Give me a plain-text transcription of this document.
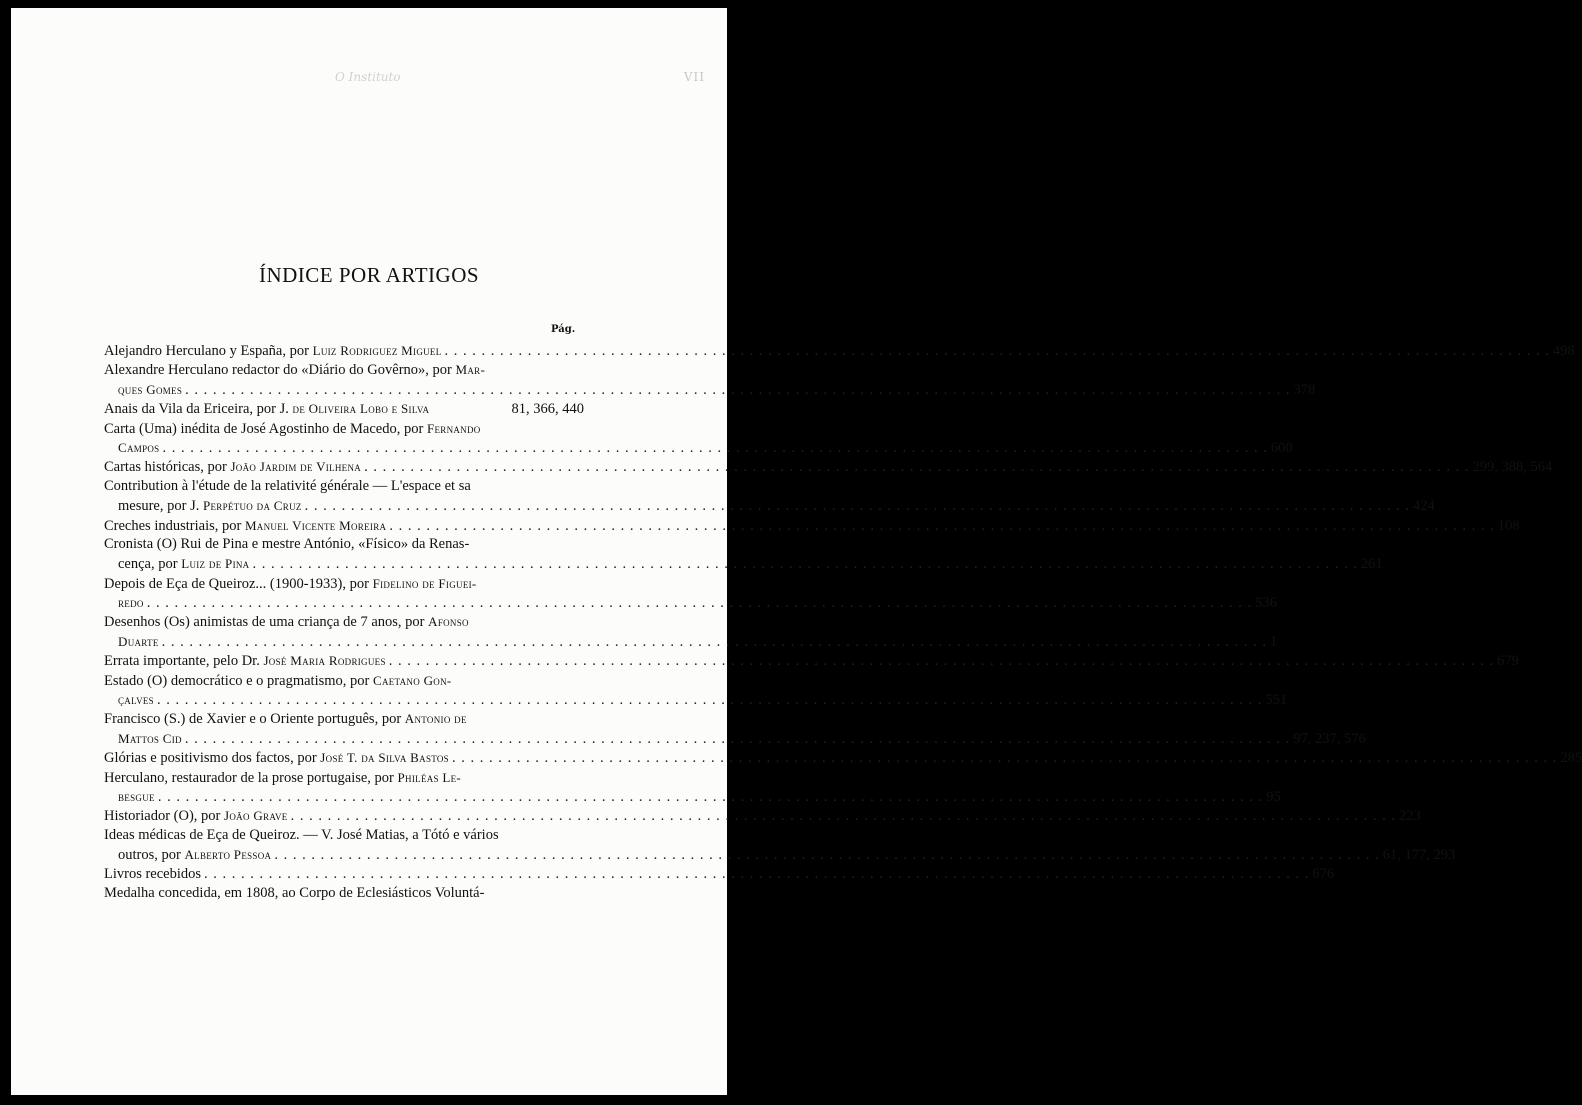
VII
O Instituto
ÍNDICE POR ARTIGOS
Pág.
Alejandro Herculano y España, por Luiz Rodriguez Miguel . . . . . . . . . . . . . . . . . . . . . . . . . . . . . . . . . . . . . . . . . . . . . . . . . . . . . . . . . . . . . . . . . . . . . . . . . . . . . . . . . . . . . . . . . . . . . . . . . . . . . . . . . . . . . . . . . . . . . . . . 498
Alexandre Herculano redactor do «Diário do Govêrno», por Mar-
ques Gomes . . . . . . . . . . . . . . . . . . . . . . . . . . . . . . . . . . . . . . . . . . . . . . . . . . . . . . . . . . . . . . . . . . . . . . . . . . . . . . . . . . . . . . . . . . . . . . . . . . . . . . . . . . . . . . . . . . . . . . . . 378
Anais da Vila da Ericeira, por J. de Oliveira Lobo e Silva	81, 366, 440
Carta (Uma) inédita de José Agostinho de Macedo, por Fernando
Campos . . . . . . . . . . . . . . . . . . . . . . . . . . . . . . . . . . . . . . . . . . . . . . . . . . . . . . . . . . . . . . . . . . . . . . . . . . . . . . . . . . . . . . . . . . . . . . . . . . . . . . . . . . . . . . . . . . . . . . . . 600
Cartas históricas, por João Jardim de Vilhena . . . . . . . . . . . . . . . . . . . . . . . . . . . . . . . . . . . . . . . . . . . . . . . . . . . . . . . . . . . . . . . . . . . . . . . . . . . . . . . . . . . . . . . . . . . . . . . . . . . . . . . . . . . . . . . . . . . . . . . . 299, 388, 564
Contribution à l'étude de la relativité générale — L'espace et sa
mesure, por J. Perpétuo da Cruz . . . . . . . . . . . . . . . . . . . . . . . . . . . . . . . . . . . . . . . . . . . . . . . . . . . . . . . . . . . . . . . . . . . . . . . . . . . . . . . . . . . . . . . . . . . . . . . . . . . . . . . . . . . . . . . . . . . . . . . . 424
Creches industriais, por Manuel Vicente Moreira . . . . . . . . . . . . . . . . . . . . . . . . . . . . . . . . . . . . . . . . . . . . . . . . . . . . . . . . . . . . . . . . . . . . . . . . . . . . . . . . . . . . . . . . . . . . . . . . . . . . . . . . . . . . . . . . . . . . . . . . 108
Cronista (O) Rui de Pina e mestre António, «Físico» da Renas-
cença, por Luiz de Pina . . . . . . . . . . . . . . . . . . . . . . . . . . . . . . . . . . . . . . . . . . . . . . . . . . . . . . . . . . . . . . . . . . . . . . . . . . . . . . . . . . . . . . . . . . . . . . . . . . . . . . . . . . . . . . . . . . . . . . . . 261
Depois de Eça de Queiroz... (1900-1933), por Fidelino de Figuei-
redo . . . . . . . . . . . . . . . . . . . . . . . . . . . . . . . . . . . . . . . . . . . . . . . . . . . . . . . . . . . . . . . . . . . . . . . . . . . . . . . . . . . . . . . . . . . . . . . . . . . . . . . . . . . . . . . . . . . . . . . . 536
Desenhos (Os) animistas de uma criança de 7 anos, por Afonso
Duarte . . . . . . . . . . . . . . . . . . . . . . . . . . . . . . . . . . . . . . . . . . . . . . . . . . . . . . . . . . . . . . . . . . . . . . . . . . . . . . . . . . . . . . . . . . . . . . . . . . . . . . . . . . . . . . . . . . . . . . . . 1
Errata importante, pelo Dr. José Maria Rodrigues . . . . . . . . . . . . . . . . . . . . . . . . . . . . . . . . . . . . . . . . . . . . . . . . . . . . . . . . . . . . . . . . . . . . . . . . . . . . . . . . . . . . . . . . . . . . . . . . . . . . . . . . . . . . . . . . . . . . . . . . 679
Estado (O) democrático e o pragmatismo, por Caetano Gon-
çalves . . . . . . . . . . . . . . . . . . . . . . . . . . . . . . . . . . . . . . . . . . . . . . . . . . . . . . . . . . . . . . . . . . . . . . . . . . . . . . . . . . . . . . . . . . . . . . . . . . . . . . . . . . . . . . . . . . . . . . . . 551
Francisco (S.) de Xavier e o Oriente português, por Antonio de
Mattos Cid . . . . . . . . . . . . . . . . . . . . . . . . . . . . . . . . . . . . . . . . . . . . . . . . . . . . . . . . . . . . . . . . . . . . . . . . . . . . . . . . . . . . . . . . . . . . . . . . . . . . . . . . . . . . . . . . . . . . . . . . 97, 237, 576
Glórias e positivismo dos factos, por José T. da Silva Bastos . . . . . . . . . . . . . . . . . . . . . . . . . . . . . . . . . . . . . . . . . . . . . . . . . . . . . . . . . . . . . . . . . . . . . . . . . . . . . . . . . . . . . . . . . . . . . . . . . . . . . . . . . . . . . . . . . . . . . . . . 285
Herculano, restaurador de la prose portugaise, por Philéas Le-
besgue . . . . . . . . . . . . . . . . . . . . . . . . . . . . . . . . . . . . . . . . . . . . . . . . . . . . . . . . . . . . . . . . . . . . . . . . . . . . . . . . . . . . . . . . . . . . . . . . . . . . . . . . . . . . . . . . . . . . . . . . 95
Historiador (O), por João Grave . . . . . . . . . . . . . . . . . . . . . . . . . . . . . . . . . . . . . . . . . . . . . . . . . . . . . . . . . . . . . . . . . . . . . . . . . . . . . . . . . . . . . . . . . . . . . . . . . . . . . . . . . . . . . . . . . . . . . . . . 223
Ideas médicas de Eça de Queiroz. — V. José Matias, a Tótó e vários
outros, por Alberto Pessoa . . . . . . . . . . . . . . . . . . . . . . . . . . . . . . . . . . . . . . . . . . . . . . . . . . . . . . . . . . . . . . . . . . . . . . . . . . . . . . . . . . . . . . . . . . . . . . . . . . . . . . . . . . . . . . . . . . . . . . . . 61, 177, 293
Livros recebidos . . . . . . . . . . . . . . . . . . . . . . . . . . . . . . . . . . . . . . . . . . . . . . . . . . . . . . . . . . . . . . . . . . . . . . . . . . . . . . . . . . . . . . . . . . . . . . . . . . . . . . . . . . . . . . . . . . . . . . . . 676
Medalha concedida, em 1808, ao Corpo de Eclesiásticos Voluntá-
